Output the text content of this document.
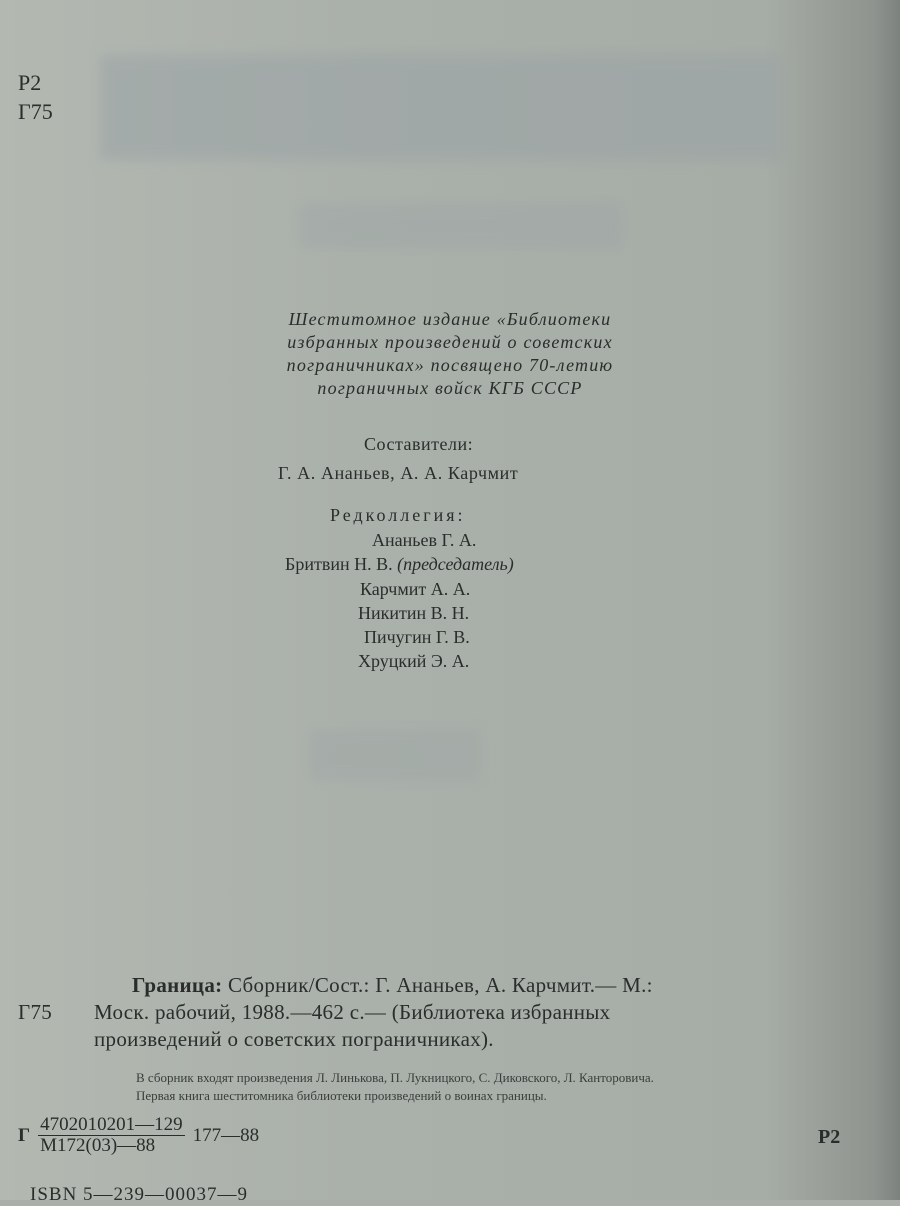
Р2
Г75
Шеститомное издание «Библиотеки
избранных произведений о советских
пограничниках» посвящено 70-летию
пограничных войск КГБ СССР
Составители:
Г. А. Ананьев, А. А. Карчмит
Редколлегия:
Ананьев Г. А.
Бритвин Н. В. (председатель)
Карчмит А. А.
Никитин В. Н.
Пичугин Г. В.
Хруцкий Э. А.
Граница: Сборник/Сост.: Г. Ананьев, А. Карчмит.— М.:
Г75	Моск. рабочий, 1988.—462 с.— (Библиотека избранных
произведений о советских пограничниках).
В сборник входят произведения Л. Линькова, П. Лукницкого, С. Диковского, Л. Канторовича.
Первая книга шеститомника библиотеки произведений о воинах границы.
Г $\frac{4702010201—129}{М172(03)—88}$ 177—88	Р2
ISBN 5—239—00037—9
